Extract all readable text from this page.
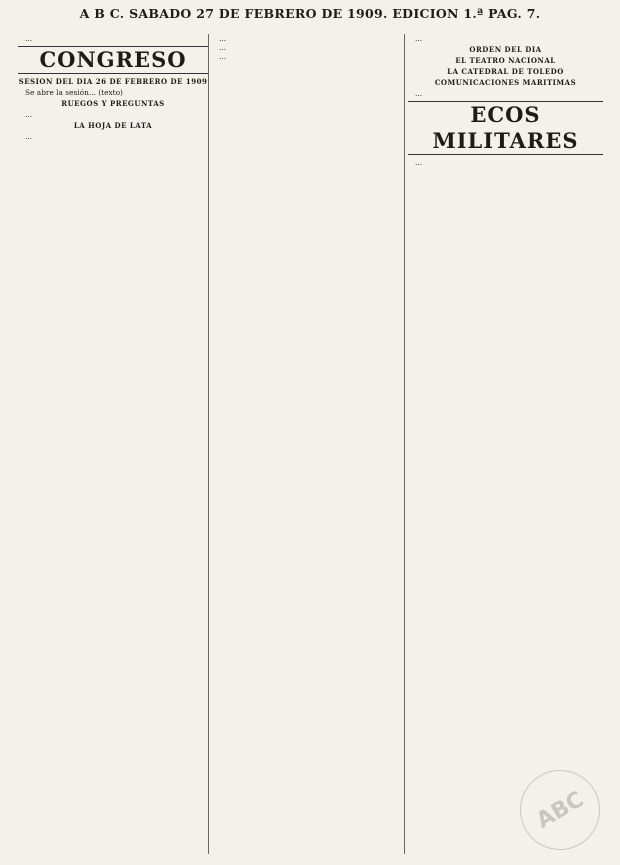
A B C. SABADO 27 DE FEBRERO DE 1909. EDICION 1.ª PAG. 7.

...

CONGRESO
SESION DEL DIA 26 DE FEBRERO DE 1909

Se abre la sesión... (texto)

RUEGOS Y PREGUNTAS

...

LA HOJA DE LATA

...

...

...

...

...

ORDEN DEL DIA
EL TEATRO NACIONAL
LA CATEDRAL DE TOLEDO
COMUNICACIONES MARITIMAS

...

ECOS MILITARES

...

ABC
